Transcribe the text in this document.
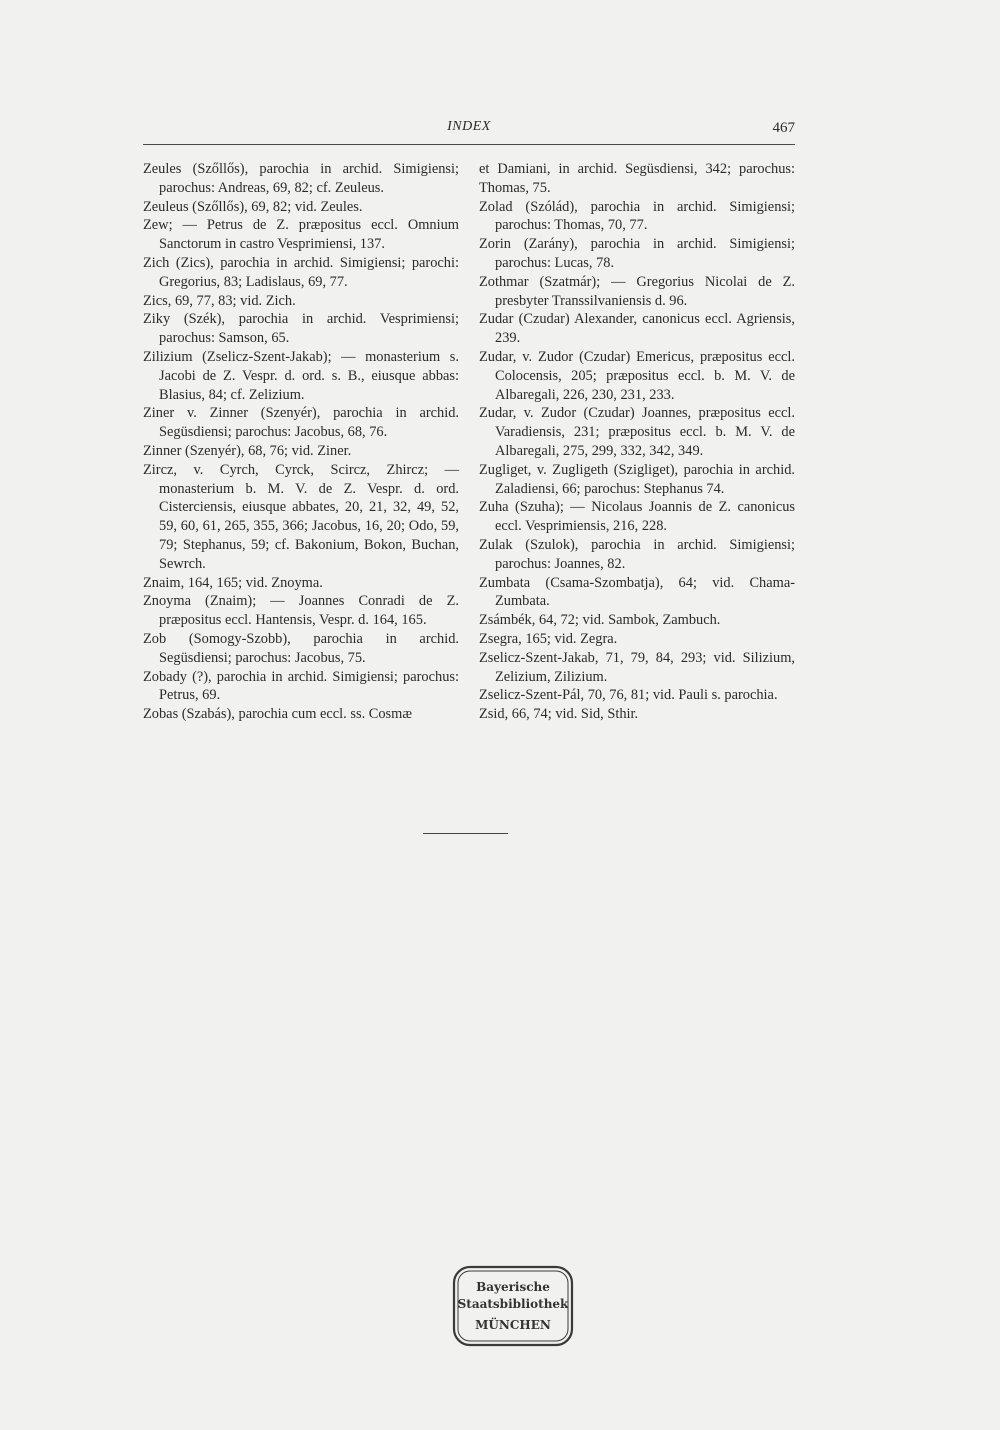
INDEX	467
Zeules (Szőllős), parochia in archid. Simigiensi; parochus: Andreas, 69, 82; cf. Zeuleus.
Zeuleus (Szőllős), 69, 82; vid. Zeules.
Zew; — Petrus de Z. præpositus eccl. Omnium Sanctorum in castro Vesprimiensi, 137.
Zich (Zics), parochia in archid. Simigiensi; parochi: Gregorius, 83; Ladislaus, 69, 77.
Zics, 69, 77, 83; vid. Zich.
Ziky (Szék), parochia in archid. Vesprimiensi; parochus: Samson, 65.
Zilizium (Zselicz-Szent-Jakab); — monasterium s. Jacobi de Z. Vespr. d. ord. s. B., eiusque abbas: Blasius, 84; cf. Zelizium.
Ziner v. Zinner (Szenyér), parochia in archid. Següsdiensi; parochus: Jacobus, 68, 76.
Zinner (Szenyér), 68, 76; vid. Ziner.
Zircz, v. Cyrch, Cyrck, Scircz, Zhircz; — monasterium b. M. V. de Z. Vespr. d. ord. Cisterciensis, eiusque abbates, 20, 21, 32, 49, 52, 59, 60, 61, 265, 355, 366; Jacobus, 16, 20; Odo, 59, 79; Stephanus, 59; cf. Bakonium, Bokon, Buchan, Sewrch.
Znaim, 164, 165; vid. Znoyma.
Znoyma (Znaim); — Joannes Conradi de Z. præpositus eccl. Hantensis, Vespr. d. 164, 165.
Zob (Somogy-Szobb), parochia in archid. Següsdiensi; parochus: Jacobus, 75.
Zobady (?), parochia in archid. Simigiensi; parochus: Petrus, 69.
Zobas (Szabás), parochia cum eccl. ss. Cosmæ
et Damiani, in archid. Següsdiensi, 342; parochus: Thomas, 75.
Zolad (Szólád), parochia in archid. Simigiensi; parochus: Thomas, 70, 77.
Zorin (Zarány), parochia in archid. Simigiensi; parochus: Lucas, 78.
Zothmar (Szatmár); — Gregorius Nicolai de Z. presbyter Transsilvaniensis d. 96.
Zudar (Czudar) Alexander, canonicus eccl. Agriensis, 239.
Zudar, v. Zudor (Czudar) Emericus, præpositus eccl. Colocensis, 205; præpositus eccl. b. M. V. de Albaregali, 226, 230, 231, 233.
Zudar, v. Zudor (Czudar) Joannes, præpositus eccl. Varadiensis, 231; præpositus eccl. b. M. V. de Albaregali, 275, 299, 332, 342, 349.
Zugliget, v. Zugligeth (Szigliget), parochia in archid. Zaladiensi, 66; parochus: Stephanus 74.
Zuha (Szuha); — Nicolaus Joannis de Z. canonicus eccl. Vesprimiensis, 216, 228.
Zulak (Szulok), parochia in archid. Simigiensi; parochus: Joannes, 82.
Zumbata (Csama-Szombatja), 64; vid. Chama-Zumbata.
Zsámbék, 64, 72; vid. Sambok, Zambuch.
Zsegra, 165; vid. Zegra.
Zselicz-Szent-Jakab, 71, 79, 84, 293; vid. Silizium, Zelizium, Zilizium.
Zselicz-Szent-Pál, 70, 76, 81; vid. Pauli s. parochia.
Zsid, 66, 74; vid. Sid, Sthir.
Bayerische
Staatsbibliothek
MÜNCHEN
